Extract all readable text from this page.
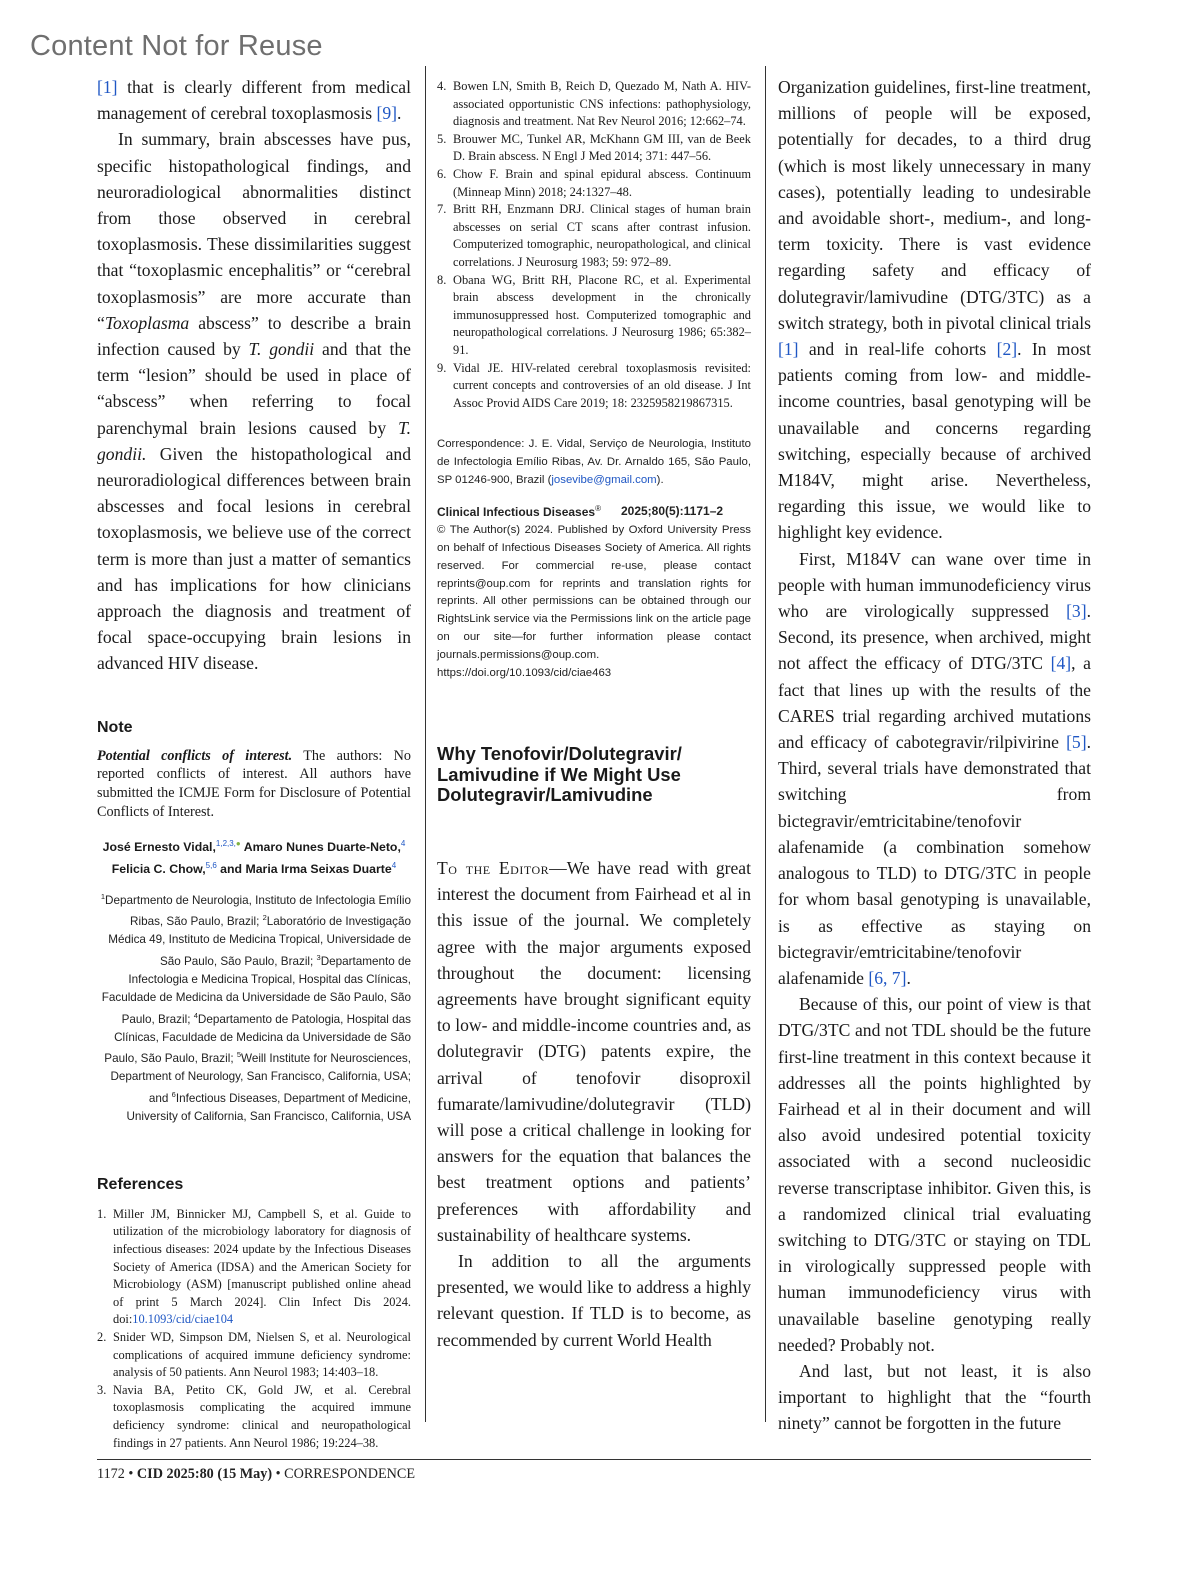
Content Not for Reuse

[1] that is clearly different from medical management of cerebral toxoplasmosis [9].

In summary, brain abscesses have pus, specific histopathological findings, and neuroradiological abnormalities distinct from those observed in cerebral toxoplasmosis. These dissimilarities suggest that “toxoplasmic encephalitis” or “cerebral toxoplasmosis” are more accurate than “Toxoplasma abscess” to describe a brain infection caused by T. gondii and that the term “lesion” should be used in place of “abscess” when referring to focal parenchymal brain lesions caused by T. gondii. Given the histopathological and neuroradiological differences between brain abscesses and focal lesions in cerebral toxoplasmosis, we believe use of the correct term is more than just a matter of semantics and has implications for how clinicians approach the diagnosis and treatment of focal space-occupying brain lesions in advanced HIV disease.

Note
Potential conflicts of interest. The authors: No reported conflicts of interest. All authors have submitted the ICMJE Form for Disclosure of Potential Conflicts of Interest.
José Ernesto Vidal,$^{1,2,3,●}$ Amaro Nunes Duarte-Neto,$^4$
Felicia C. Chow,$^{5,6}$ and Maria Irma Seixas Duarte$^4$
$^1$Departmento de Neurologia, Instituto de Infectologia Emílio Ribas, São Paulo, Brazil; $^2$Laboratório de Investigação Médica 49, Instituto de Medicina Tropical, Universidade de São Paulo, São Paulo, Brazil; $^3$Departamento de Infectologia e Medicina Tropical, Hospital das Clínicas, Faculdade de Medicina da Universidade de São Paulo, São Paulo, Brazil; $^4$Departamento de Patologia, Hospital das Clínicas, Faculdade de Medicina da Universidade de São Paulo, São Paulo, Brazil; $^5$Weill Institute for Neurosciences, Department of Neurology, San Francisco, California, USA; and $^6$Infectious Diseases, Department of Medicine, University of California, San Francisco, California, USA
References
1. Miller JM, Binnicker MJ, Campbell S, et al. Guide to utilization of the microbiology laboratory for diagnosis of infectious diseases: 2024 update by the Infectious Diseases Society of America (IDSA) and the American Society for Microbiology (ASM) [manuscript published online ahead of print 5 March 2024]. Clin Infect Dis 2024. doi:10.1093/cid/ciae104
2. Snider WD, Simpson DM, Nielsen S, et al. Neurological complications of acquired immune deficiency syndrome: analysis of 50 patients. Ann Neurol 1983; 14:403–18.
3. Navia BA, Petito CK, Gold JW, et al. Cerebral toxoplasmosis complicating the acquired immune deficiency syndrome: clinical and neuropathological findings in 27 patients. Ann Neurol 1986; 19:224–38.
4. Bowen LN, Smith B, Reich D, Quezado M, Nath A. HIV-associated opportunistic CNS infections: pathophysiology, diagnosis and treatment. Nat Rev Neurol 2016; 12:662–74.
5. Brouwer MC, Tunkel AR, McKhann GM III, van de Beek D. Brain abscess. N Engl J Med 2014; 371: 447–56.
6. Chow F. Brain and spinal epidural abscess. Continuum (Minneap Minn) 2018; 24:1327–48.
7. Britt RH, Enzmann DRJ. Clinical stages of human brain abscesses on serial CT scans after contrast infusion. Computerized tomographic, neuropathological, and clinical correlations. J Neurosurg 1983; 59: 972–89.
8. Obana WG, Britt RH, Placone RC, et al. Experimental brain abscess development in the chronically immunosuppressed host. Computerized tomographic and neuropathological correlations. J Neurosurg 1986; 65:382–91.
9. Vidal JE. HIV-related cerebral toxoplasmosis revisited: current concepts and controversies of an old disease. J Int Assoc Provid AIDS Care 2019; 18: 2325958219867315.
Correspondence: J. E. Vidal, Serviço de Neurologia, Instituto de Infectologia Emílio Ribas, Av. Dr. Arnaldo 165, São Paulo, SP 01246-900, Brazil (josevibe@gmail.com).
Clinical Infectious Diseases® 2025;80(5):1171–2
© The Author(s) 2024. Published by Oxford University Press on behalf of Infectious Diseases Society of America. All rights reserved. For commercial re-use, please contact reprints@oup.com for reprints and translation rights for reprints. All other permissions can be obtained through our RightsLink service via the Permissions link on the article page on our site—for further information please contact journals.permissions@oup.com.
https://doi.org/10.1093/cid/ciae463
Why Tenofovir/Dolutegravir/ Lamivudine if We Might Use Dolutegravir/Lamivudine

To the Editor—We have read with great interest the document from Fairhead et al in this issue of the journal. We completely agree with the major arguments exposed throughout the document: licensing agreements have brought significant equity to low- and middle-income countries and, as dolutegravir (DTG) patents expire, the arrival of tenofovir disoproxil fumarate/lamivudine/dolutegravir (TLD) will pose a critical challenge in looking for answers for the equation that balances the best treatment options and patients’ preferences with affordability and sustainability of healthcare systems.

In addition to all the arguments presented, we would like to address a highly relevant question. If TLD is to become, as recommended by current World Health

Organization guidelines, first-line treatment, millions of people will be exposed, potentially for decades, to a third drug (which is most likely unnecessary in many cases), potentially leading to undesirable and avoidable short-, medium-, and long-term toxicity. There is vast evidence regarding safety and efficacy of dolutegravir/lamivudine (DTG/3TC) as a switch strategy, both in pivotal clinical trials [1] and in real-life cohorts [2]. In most patients coming from low- and middle-income countries, basal genotyping will be unavailable and concerns regarding switching, especially because of archived M184V, might arise. Nevertheless, regarding this issue, we would like to highlight key evidence.

First, M184V can wane over time in people with human immunodeficiency virus who are virologically suppressed [3]. Second, its presence, when archived, might not affect the efficacy of DTG/3TC [4], a fact that lines up with the results of the CARES trial regarding archived mutations and efficacy of cabotegravir/rilpivirine [5]. Third, several trials have demonstrated that switching from bictegravir/emtricitabine/tenofovir alafenamide (a combination somehow analogous to TLD) to DTG/3TC in people for whom basal genotyping is unavailable, is as effective as staying on bictegravir/emtricitabine/tenofovir alafenamide [6, 7].

Because of this, our point of view is that DTG/3TC and not TDL should be the future first-line treatment in this context because it addresses all the points highlighted by Fairhead et al in their document and will also avoid undesired potential toxicity associated with a second nucleosidic reverse transcriptase inhibitor. Given this, is a randomized clinical trial evaluating switching to DTG/3TC or staying on TDL in virologically suppressed people with human immunodeficiency virus with unavailable baseline genotyping really needed? Probably not.

And last, but not least, it is also important to highlight that the “fourth ninety” cannot be forgotten in the future

1172 • CID 2025:80 (15 May) • CORRESPONDENCE
